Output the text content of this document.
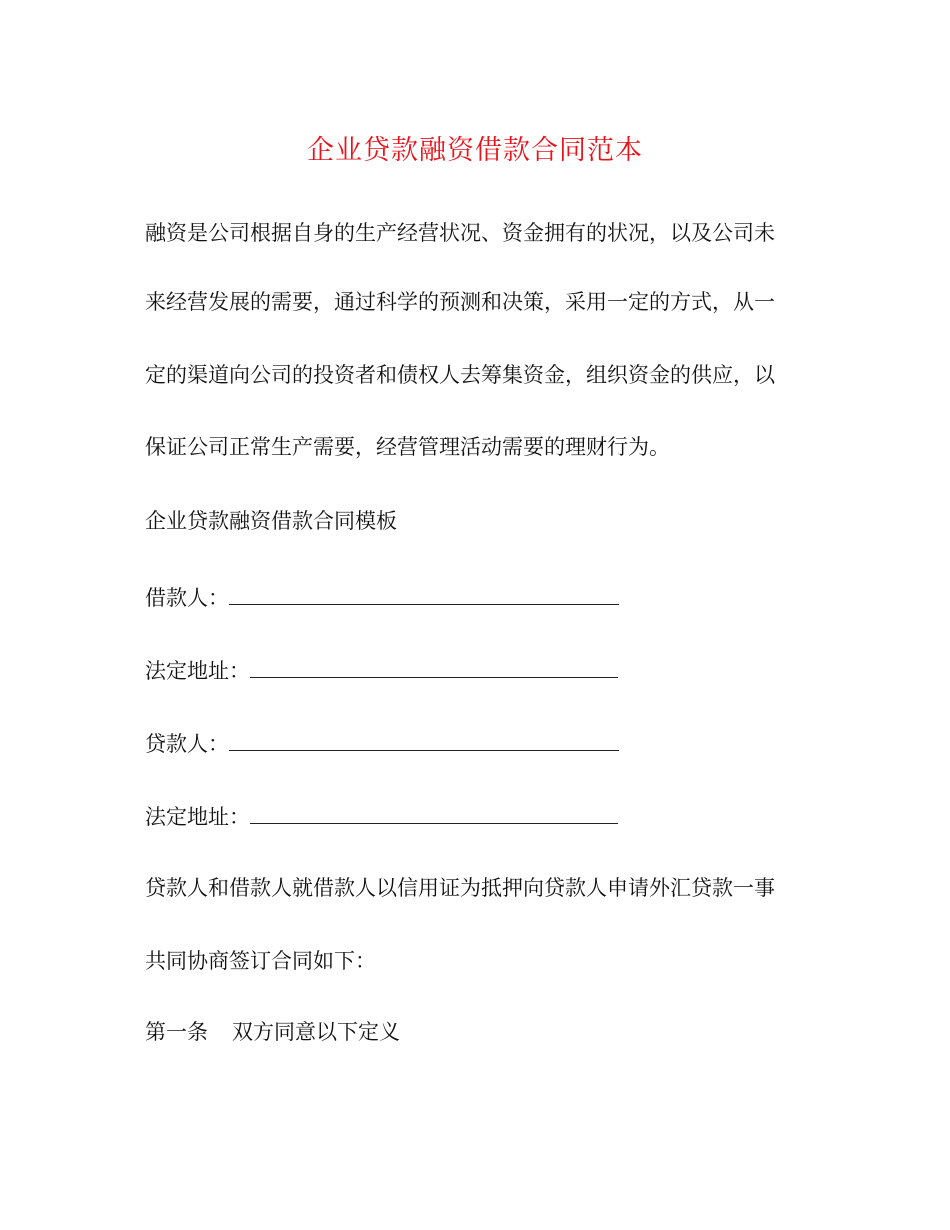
企业贷款融资借款合同范本
融资是公司根据自身的生产经营状况、资金拥有的状况，以及公司未
来经营发展的需要，通过科学的预测和决策，采用一定的方式，从一
定的渠道向公司的投资者和债权人去筹集资金，组织资金的供应，以
保证公司正常生产需要，经营管理活动需要的理财行为。
企业贷款融资借款合同模板
借款人：
法定地址：
贷款人：
法定地址：
贷款人和借款人就借款人以信用证为抵押向贷款人申请外汇贷款一事
共同协商签订合同如下：
第一条 双方同意以下定义
